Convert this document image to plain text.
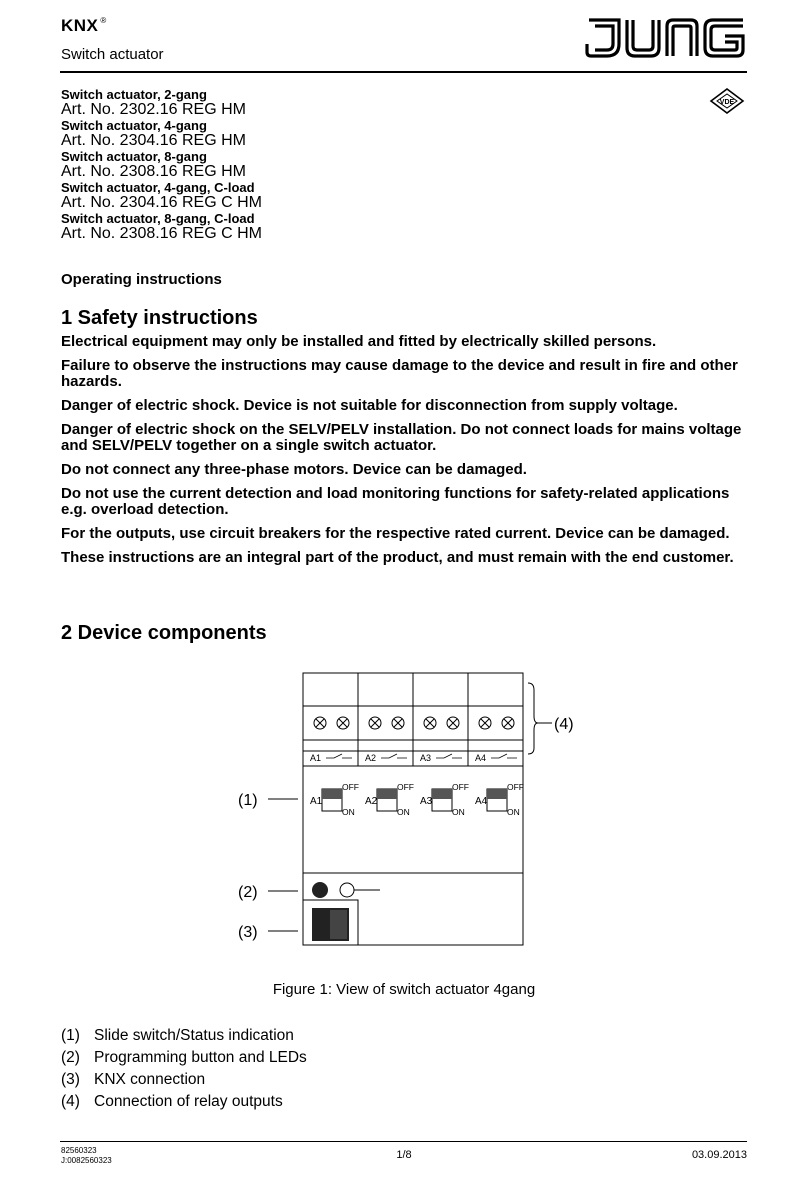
KNX ®
Switch actuator
JUNG
Switch actuator, 2-gang
Art. No. 2302.16 REG HM
Switch actuator, 4-gang
Art. No. 2304.16 REG HM
Switch actuator, 8-gang
Art. No. 2308.16 REG HM
Switch actuator, 4-gang, C-load
Art. No. 2304.16 REG C HM
Switch actuator, 8-gang, C-load
Art. No. 2308.16 REG C HM
VDE
Operating instructions
1 Safety instructions
Electrical equipment may only be installed and fitted by electrically skilled persons.
Failure to observe the instructions may cause damage to the device and result in fire and other hazards.
Danger of electric shock. Device is not suitable for disconnection from supply voltage.
Danger of electric shock on the SELV/PELV installation. Do not connect loads for mains voltage and SELV/PELV together on a single switch actuator.
Do not connect any three-phase motors. Device can be damaged.
Do not use the current detection and load monitoring functions for safety-related applications e.g. overload detection.
For the outputs, use circuit breakers for the respective rated current. Device can be damaged.
These instructions are an integral part of the product, and must remain with the end customer.
2 Device components
A1	A2	A3	A4
A1	A2	A3	A4
OFF
ON
OFF
ON
OFF
ON
OFF
ON
(1)
(2)
(3)
(4)
Figure 1: View of switch actuator 4gang
(1) Slide switch/Status indication
(2) Programming button and LEDs
(3) KNX connection
(4) Connection of relay outputs
82560323
J:0082560323	1/8	03.09.2013
